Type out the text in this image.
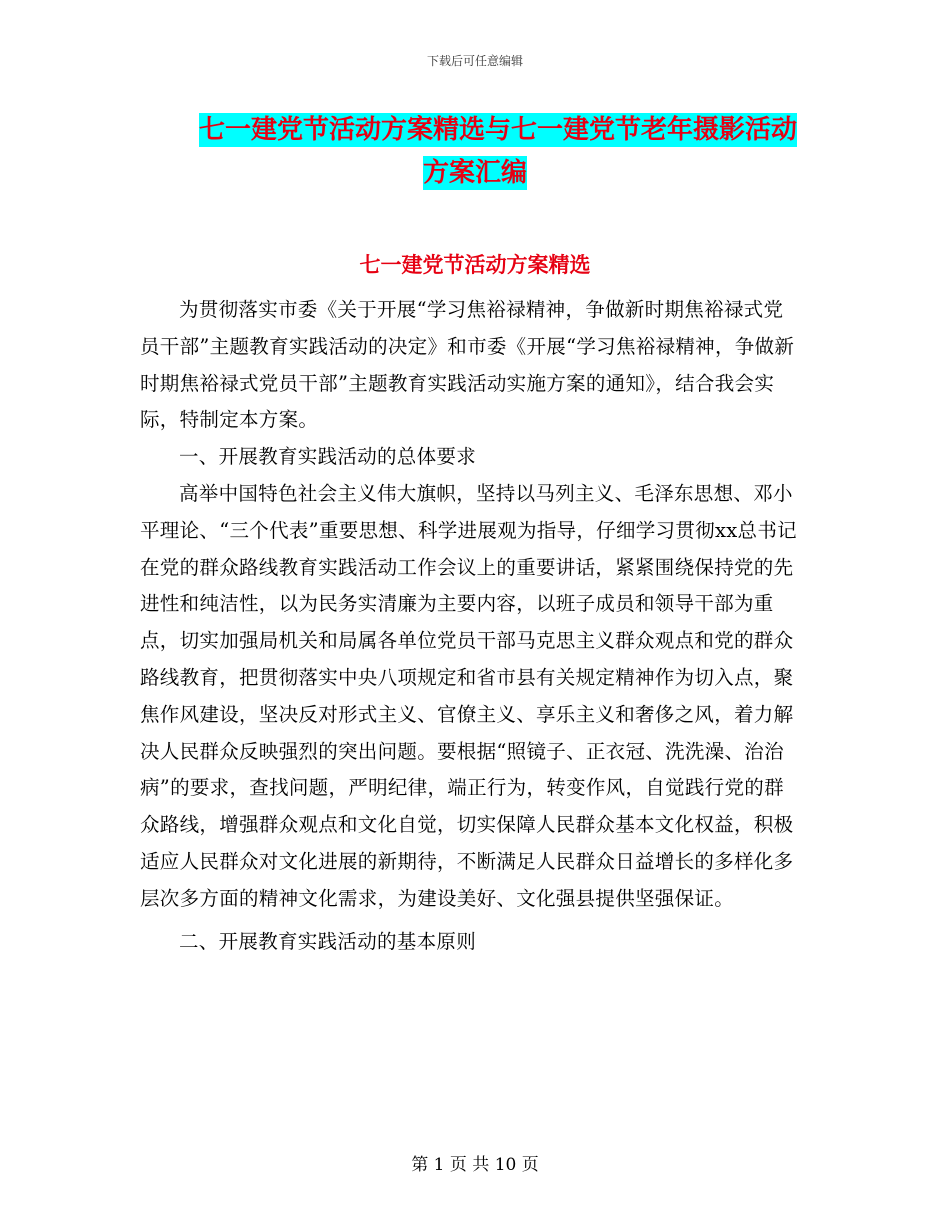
下载后可任意编辑
七一建党节活动方案精选与七一建党节老年摄影活动
方案汇编
七一建党节活动方案精选

为贯彻落实市委《关于开展“学习焦裕禄精神，争做新时期焦裕禄式党员干部”主题教育实践活动的决定》和市委《开展“学习焦裕禄精神，争做新时期焦裕禄式党员干部”主题教育实践活动实施方案的通知》，结合我会实际，特制定本方案。

一、开展教育实践活动的总体要求

高举中国特色社会主义伟大旗帜，坚持以马列主义、毛泽东思想、邓小平理论、“三个代表”重要思想、科学进展观为指导，仔细学习贯彻xx总书记在党的群众路线教育实践活动工作会议上的重要讲话，紧紧围绕保持党的先进性和纯洁性，以为民务实清廉为主要内容，以班子成员和领导干部为重点，切实加强局机关和局属各单位党员干部马克思主义群众观点和党的群众路线教育，把贯彻落实中央八项规定和省市县有关规定精神作为切入点，聚焦作风建设，坚决反对形式主义、官僚主义、享乐主义和奢侈之风，着力解决人民群众反映强烈的突出问题。要根据“照镜子、正衣冠、洗洗澡、治治病”的要求，查找问题，严明纪律，端正行为，转变作风，自觉践行党的群众路线，增强群众观点和文化自觉，切实保障人民群众基本文化权益，积极适应人民群众对文化进展的新期待，不断满足人民群众日益增长的多样化多层次多方面的精神文化需求，为建设美好、文化强县提供坚强保证。

二、开展教育实践活动的基本原则

第 1 页 共 10 页
